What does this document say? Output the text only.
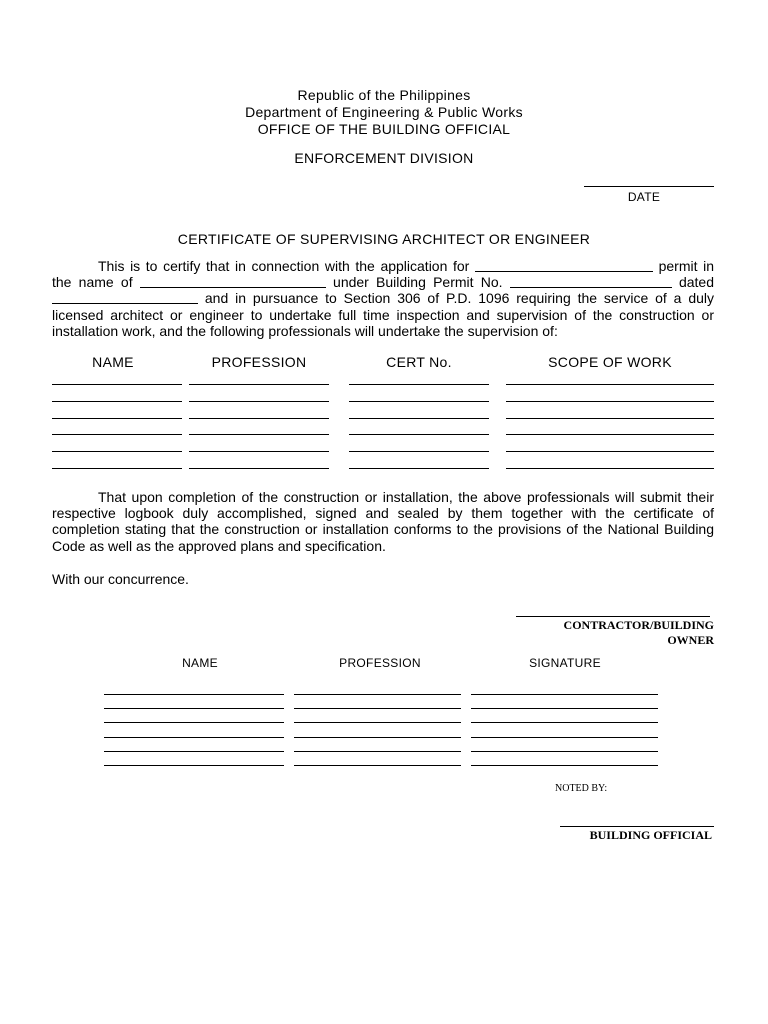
Republic of the Philippines
Department of Engineering & Public Works
OFFICE OF THE BUILDING OFFICIAL
ENFORCEMENT DIVISION
DATE
CERTIFICATE OF SUPERVISING ARCHITECT OR ENGINEER
This is to certify that in connection with the application for	permit in the name of	under Building Permit No.	dated  and in pursuance to Section 306 of P.D. 1096 requiring the service of a duly licensed architect or engineer to undertake full time inspection and supervision of the construction or installation work, and the following professionals will undertake the supervision of:
NAME	PROFESSION	CERT No.	SCOPE OF WORK
That upon completion of the construction or installation, the above professionals will submit their respective logbook duly accomplished, signed and sealed by them together with the certificate of completion stating that the construction or installation conforms to the provisions of the National Building Code as well as the approved plans and specification.
With our concurrence.
CONTRACTOR/BUILDING OWNER
NAME	PROFESSION	SIGNATURE
NOTED BY:
BUILDING OFFICIAL
